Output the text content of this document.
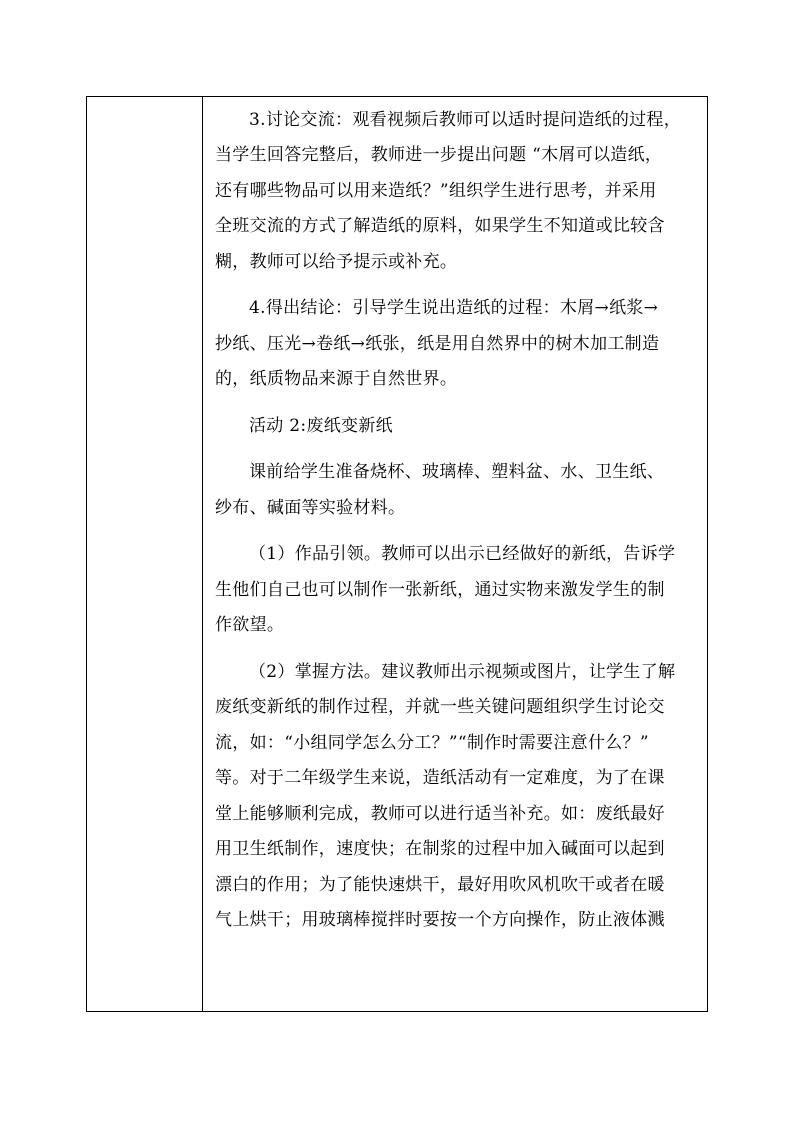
3.讨论交流：观看视频后教师可以适时提问造纸的过程，
当学生回答完整后，教师进一步提出问题 “木屑可以造纸，
还有哪些物品可以用来造纸？”组织学生进行思考，并采用
全班交流的方式了解造纸的原料，如果学生不知道或比较含
糊，教师可以给予提示或补充。
4.得出结论：引导学生说出造纸的过程：木屑→纸浆→
抄纸、压光→卷纸→纸张，纸是用自然界中的树木加工制造
的，纸质物品来源于自然世界。
活动 2:废纸变新纸
课前给学生准备烧杯、玻璃棒、塑料盆、水、卫生纸、
纱布、碱面等实验材料。
（1）作品引领。教师可以出示已经做好的新纸，告诉学
生他们自己也可以制作一张新纸，通过实物来激发学生的制
作欲望。
（2）掌握方法。建议教师出示视频或图片，让学生了解
废纸变新纸的制作过程，并就一些关键问题组织学生讨论交
流，如：“小组同学怎么分工？”“制作时需要注意什么？”
等。对于二年级学生来说，造纸活动有一定难度，为了在课
堂上能够顺利完成，教师可以进行适当补充。如：废纸最好
用卫生纸制作，速度快；在制浆的过程中加入碱面可以起到
漂白的作用；为了能快速烘干，最好用吹风机吹干或者在暖
气上烘干；用玻璃棒搅拌时要按一个方向操作，防止液体溅
